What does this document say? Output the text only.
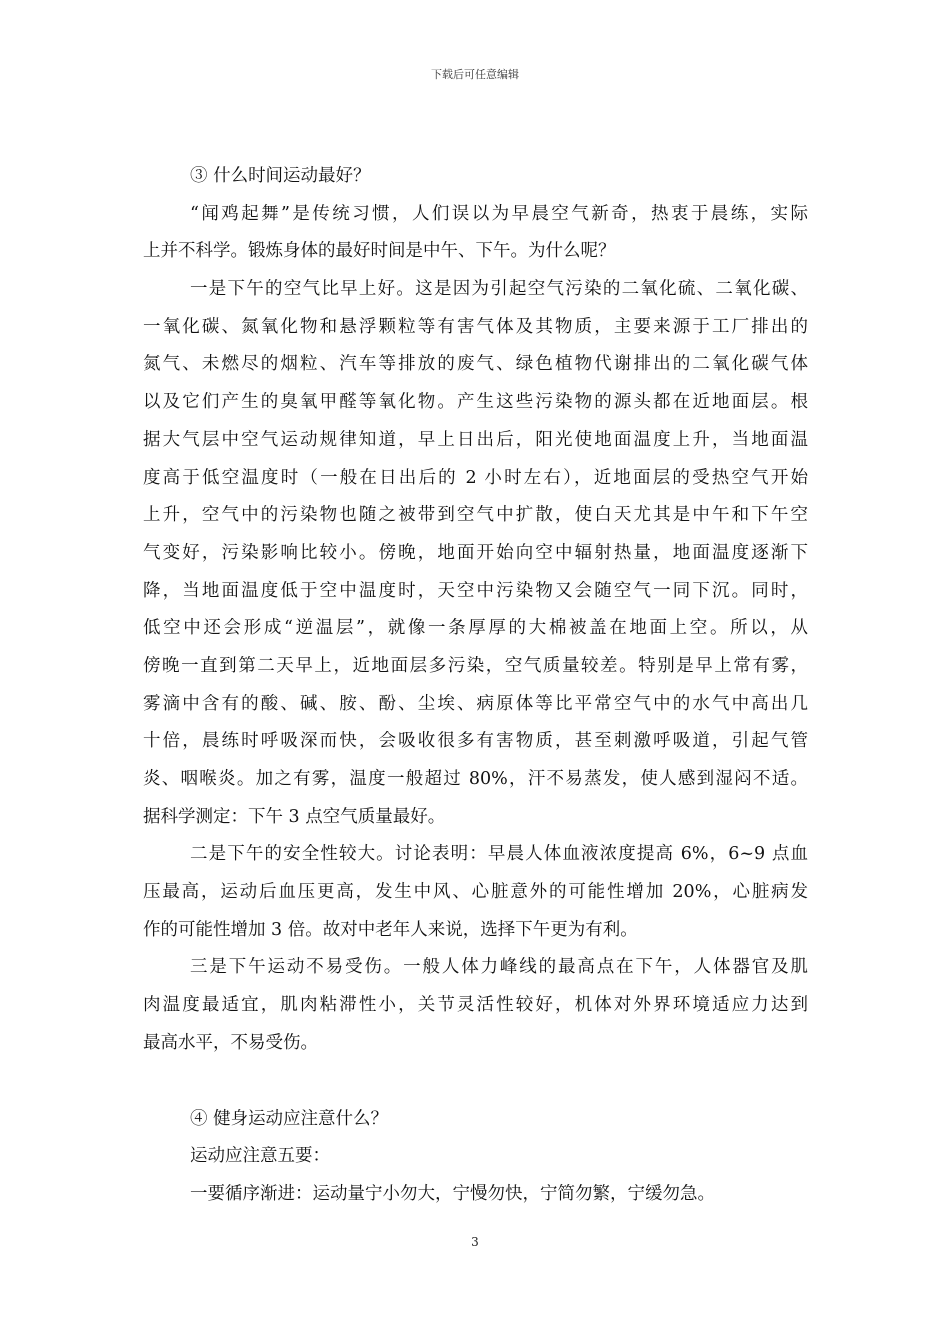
下载后可任意编辑
③ 什么时间运动最好？
“闻鸡起舞”是传统习惯，人们误以为早晨空气新奇，热衷于晨练，实际
上并不科学。锻炼身体的最好时间是中午、下午。为什么呢？
一是下午的空气比早上好。这是因为引起空气污染的二氧化硫、二氧化碳、
一氧化碳、氮氧化物和悬浮颗粒等有害气体及其物质，主要来源于工厂排出的
氮气、未燃尽的烟粒、汽车等排放的废气、绿色植物代谢排出的二氧化碳气体
以及它们产生的臭氧甲醛等氧化物。产生这些污染物的源头都在近地面层。根
据大气层中空气运动规律知道，早上日出后，阳光使地面温度上升，当地面温
度高于低空温度时（一般在日出后的 2 小时左右），近地面层的受热空气开始
上升，空气中的污染物也随之被带到空气中扩散，使白天尤其是中午和下午空
气变好，污染影响比较小。傍晚，地面开始向空中辐射热量，地面温度逐渐下
降，当地面温度低于空中温度时，天空中污染物又会随空气一同下沉。同时，
低空中还会形成“逆温层”，就像一条厚厚的大棉被盖在地面上空。所以，从
傍晚一直到第二天早上，近地面层多污染，空气质量较差。特别是早上常有雾，
雾滴中含有的酸、碱、胺、酚、尘埃、病原体等比平常空气中的水气中高出几
十倍，晨练时呼吸深而快，会吸收很多有害物质，甚至刺激呼吸道，引起气管
炎、咽喉炎。加之有雾，温度一般超过 80%，汗不易蒸发，使人感到湿闷不适。
据科学测定：下午 3 点空气质量最好。
二是下午的安全性较大。讨论表明：早晨人体血液浓度提高 6%，6~9 点血
压最高，运动后血压更高，发生中风、心脏意外的可能性增加 20%，心脏病发
作的可能性增加 3 倍。故对中老年人来说，选择下午更为有利。
三是下午运动不易受伤。一般人体力峰线的最高点在下午，人体器官及肌
肉温度最适宜，肌肉粘滞性小，关节灵活性较好，机体对外界环境适应力达到
最高水平，不易受伤。
④ 健身运动应注意什么？
运动应注意五要：
一要循序渐进：运动量宁小勿大，宁慢勿快，宁简勿繁，宁缓勿急。
3
